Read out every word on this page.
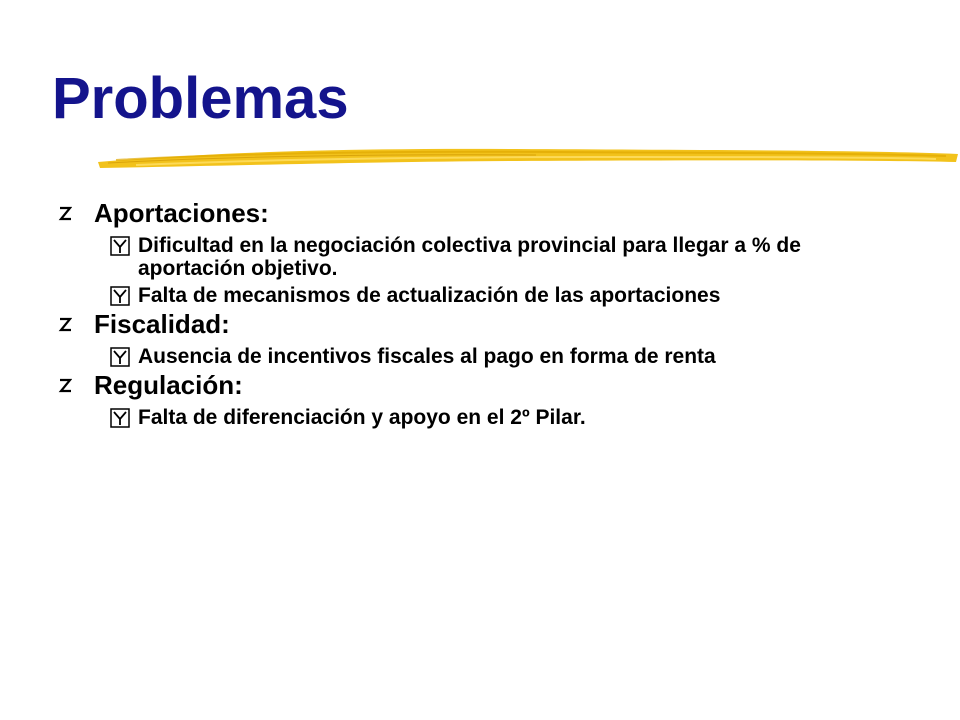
Problemas
Aportaciones:
Dificultad en la negociación colectiva provincial para llegar a % de aportación objetivo.
Falta de mecanismos de actualización de las aportaciones
Fiscalidad:
Ausencia de incentivos fiscales al pago en forma de renta
Regulación:
Falta de diferenciación y apoyo en el 2º Pilar.
